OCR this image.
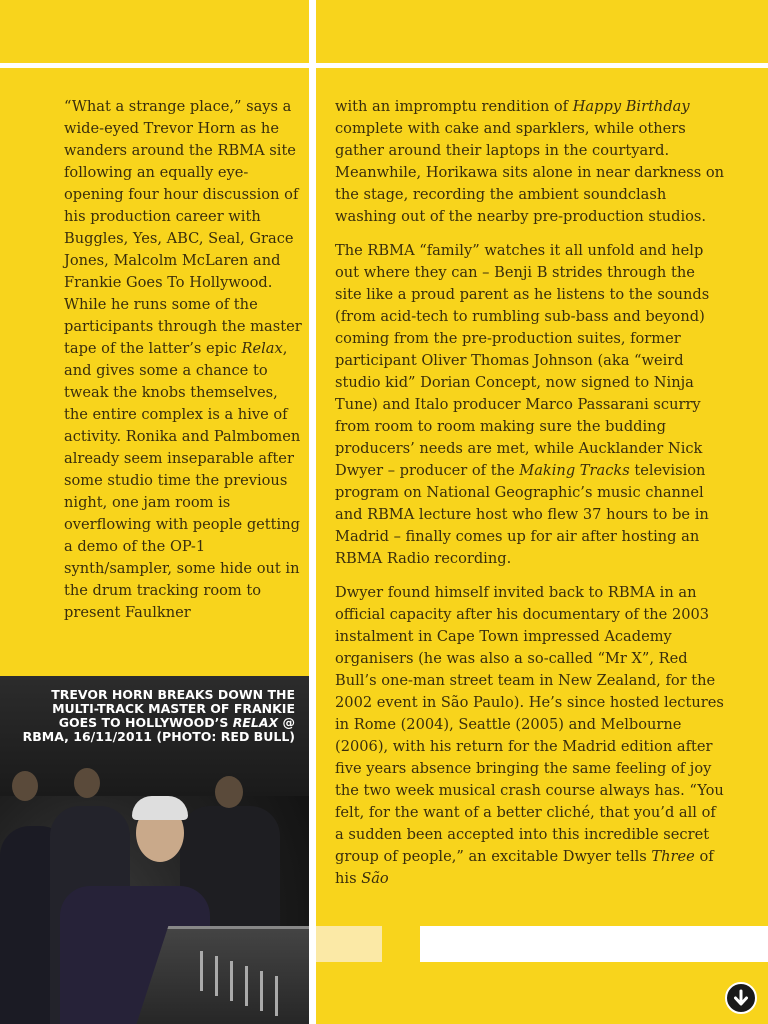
“What a strange place,” says a wide-eyed Trevor Horn as he wanders around the RBMA site following an equally eye-opening four hour discussion of his production career with Buggles, Yes, ABC, Seal, Grace Jones, Malcolm McLaren and Frankie Goes To Hollywood. While he runs some of the participants through the master tape of the latter’s epic Relax, and gives some a chance to tweak the knobs themselves, the entire complex is a hive of activity. Ronika and Palmbomen already seem inseparable after some studio time the previous night, one jam room is overflowing with people getting a demo of the OP-1 synth/sampler, some hide out in the drum tracking room to present Faulkner

with an impromptu rendition of Happy Birthday complete with cake and sparklers, while others gather around their laptops in the courtyard. Meanwhile, Horikawa sits alone in near darkness on the stage, recording the ambient soundclash washing out of the nearby pre-production studios.

The RBMA “family” watches it all unfold and help out where they can – Benji B strides through the site like a proud parent as he listens to the sounds (from acid-tech to rumbling sub-bass and beyond) coming from the pre-production suites, former participant Oliver Thomas Johnson (aka “weird studio kid” Dorian Concept, now signed to Ninja Tune) and Italo producer Marco Passarani scurry from room to room making sure the budding producers’ needs are met, while Aucklander Nick Dwyer – producer of the Making Tracks television program on National Geographic’s music channel and RBMA lecture host who flew 37 hours to be in Madrid – finally comes up for air after hosting an RBMA Radio recording.

Dwyer found himself invited back to RBMA in an official capacity after his documentary of the 2003 instalment in Cape Town impressed Academy organisers (he was also a so-called “Mr X”, Red Bull’s one-man street team in New Zealand, for the 2002 event in São Paulo). He’s since hosted lectures in Rome (2004), Seattle (2005) and Melbourne (2006), with his return for the Madrid edition after five years absence bringing the same feeling of joy the two week musical crash course always has. “You felt, for the want of a better cliché, that you’d all of a sudden been accepted into this incredible secret group of people,” an excitable Dwyer tells Three of his São

TREVOR HORN BREAKS DOWN THE MULTI-TRACK MASTER OF FRANKIE GOES TO HOLLYWOOD’S RELAX @ RBMA, 16/11/2011 (PHOTO: RED BULL)
